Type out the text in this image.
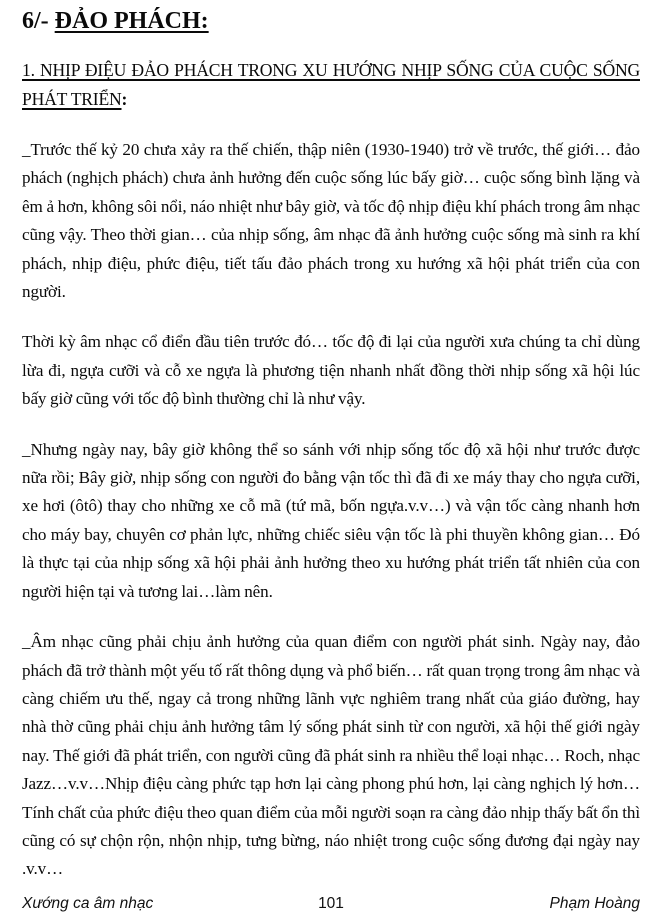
6/- ĐẢO PHÁCH:
1. NHỊP ĐIỆU ĐẢO PHÁCH TRONG XU HƯỚNG NHỊP SỐNG CỦA CUỘC SỐNG PHÁT TRIỂN:

_Trước thế kỷ 20 chưa xảy ra thế chiến, thập niên (1930-1940) trở về trước, thế giới… đảo phách (nghịch phách) chưa ảnh hưởng đến cuộc sống lúc bấy giờ… cuộc sống bình lặng và êm ả hơn, không sôi nổi, náo nhiệt như bây giờ, và tốc độ nhịp điệu khí phách trong âm nhạc cũng vậy. Theo thời gian… của nhịp sống, âm nhạc đã ảnh hưởng cuộc sống mà sinh ra khí phách, nhịp điệu, phức điệu, tiết tấu đảo phách trong xu hướng xã hội phát triển của con người.

Thời kỳ âm nhạc cổ điển đầu tiên trước đó… tốc độ đi lại của người xưa chúng ta chỉ dùng lừa đi, ngựa cưỡi và cỗ xe ngựa là phương tiện nhanh nhất đồng thời nhịp sống xã hội lúc bấy giờ cũng với tốc độ bình thường chỉ là như vậy.

_Nhưng ngày nay, bây giờ không thể so sánh với nhịp sống tốc độ xã hội như trước được nữa rồi; Bây giờ, nhịp sống con người đo bằng vận tốc thì đã đi xe máy thay cho ngựa cưỡi, xe hơi (ôtô) thay cho những xe cỗ mã (tứ mã, bốn ngựa.v.v…) và vận tốc càng nhanh hơn cho máy bay, chuyên cơ phản lực, những chiếc siêu vận tốc là phi thuyền không gian… Đó là thực tại của nhịp sống xã hội phải ảnh hưởng theo xu hướng phát triển tất nhiên của con người hiện tại và tương lai…làm nên.

_Âm nhạc cũng phải chịu ảnh hưởng của quan điểm con người phát sinh. Ngày nay, đảo phách đã trở thành một yếu tố rất thông dụng và phổ biến… rất quan trọng trong âm nhạc và càng chiếm ưu thế, ngay cả trong những lãnh vực nghiêm trang nhất của giáo đường, hay nhà thờ cũng phải chịu ảnh hưởng tâm lý sống phát sinh từ con người, xã hội thế giới ngày nay. Thế giới đã phát triển, con người cũng đã phát sinh ra nhiều thể loại nhạc… Roch, nhạc Jazz…v.v…Nhịp điệu càng phức tạp hơn lại càng phong phú hơn, lại càng nghịch lý hơn…Tính chất của phức điệu theo quan điểm của mỗi người soạn ra càng đảo nhịp thấy bất ổn thì cũng có sự chộn rộn, nhộn nhịp, tưng bừng, náo nhiệt trong cuộc sống đương đại ngày nay .v.v…

Xướng ca âm nhạc	101	Phạm Hoàng
